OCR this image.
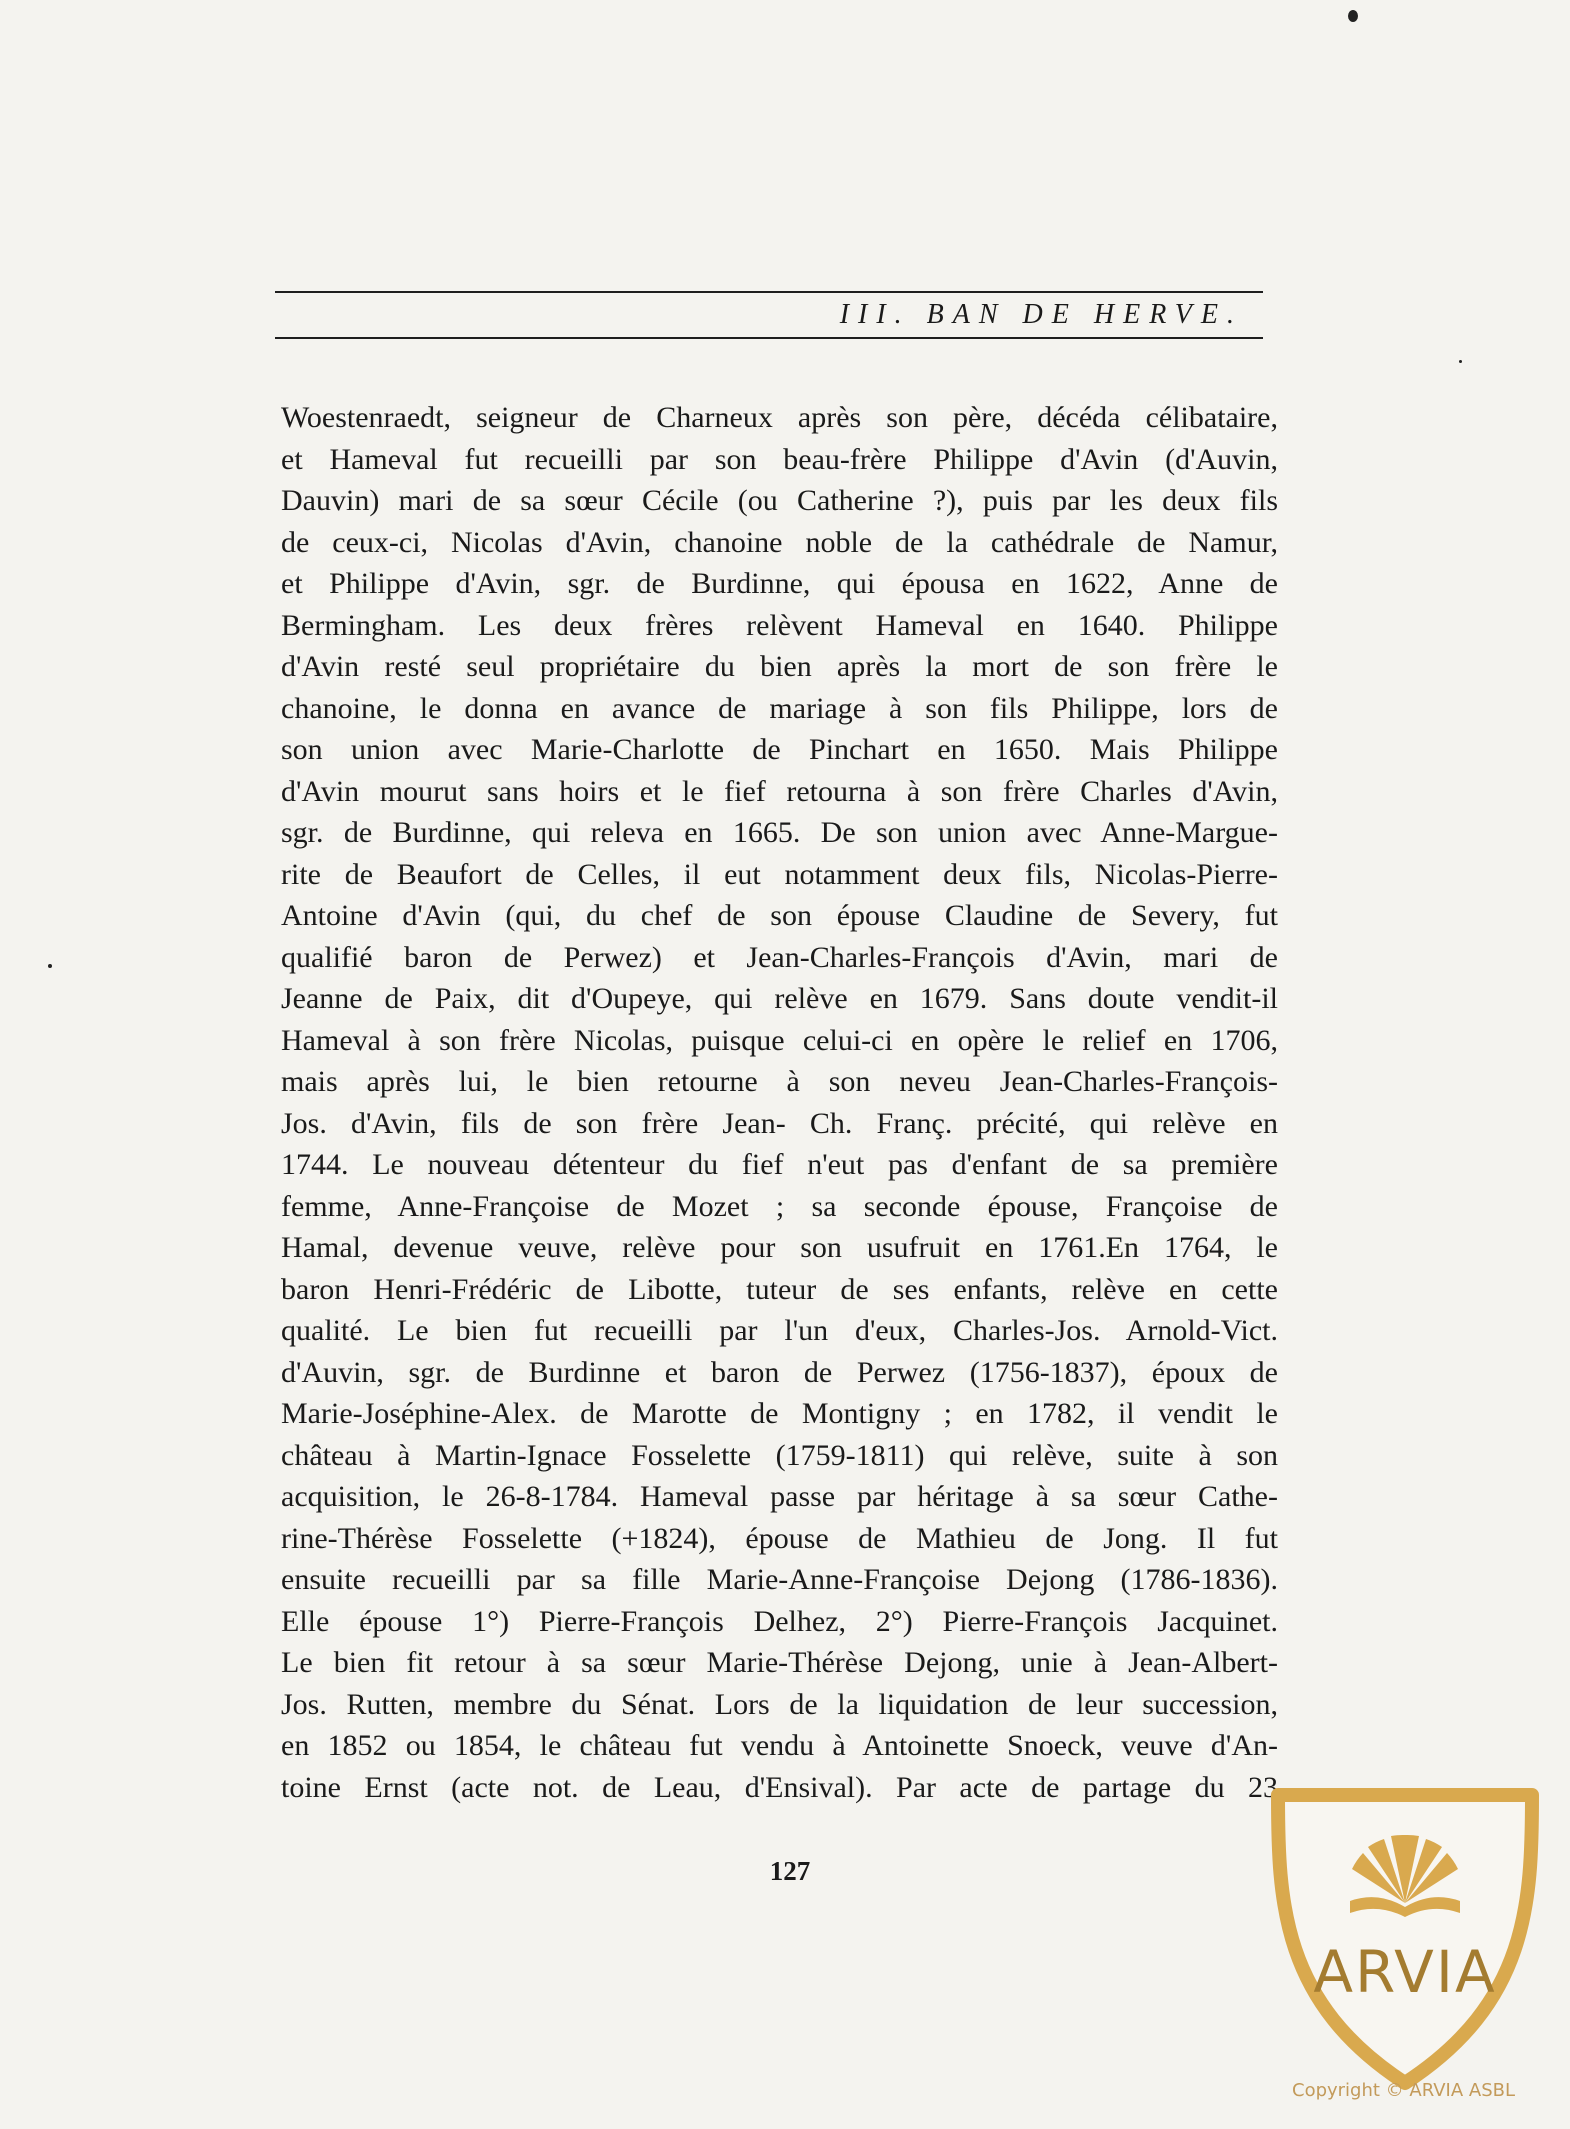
III. BAN DE HERVE.
Woestenraedt, seigneur de Charneux après son père, décéda célibataire,
et Hameval fut recueilli par son beau-frère Philippe d'Avin (d'Auvin,
Dauvin) mari de sa sœur Cécile (ou Catherine ?), puis par les deux fils
de ceux-ci, Nicolas d'Avin, chanoine noble de la cathédrale de Namur,
et Philippe d'Avin, sgr. de Burdinne, qui épousa en 1622, Anne de
Bermingham. Les deux frères relèvent Hameval en 1640. Philippe
d'Avin resté seul propriétaire du bien après la mort de son frère le
chanoine, le donna en avance de mariage à son fils Philippe, lors de
son union avec Marie-Charlotte de Pinchart en 1650. Mais Philippe
d'Avin mourut sans hoirs et le fief retourna à son frère Charles d'Avin,
sgr. de Burdinne, qui releva en 1665. De son union avec Anne-Margue-
rite de Beaufort de Celles, il eut notamment deux fils, Nicolas-Pierre-
Antoine d'Avin (qui, du chef de son épouse Claudine de Severy, fut
qualifié baron de Perwez) et Jean-Charles-François d'Avin, mari de
Jeanne de Paix, dit d'Oupeye, qui relève en 1679. Sans doute vendit-il
Hameval à son frère Nicolas, puisque celui-ci en opère le relief en 1706,
mais après lui, le bien retourne à son neveu Jean-Charles-François-
Jos. d'Avin, fils de son frère Jean- Ch. Franç. précité, qui relève en
1744. Le nouveau détenteur du fief n'eut pas d'enfant de sa première
femme, Anne-Françoise de Mozet ; sa seconde épouse, Françoise de
Hamal, devenue veuve, relève pour son usufruit en 1761.En 1764, le
baron Henri-Frédéric de Libotte, tuteur de ses enfants, relève en cette
qualité. Le bien fut recueilli par l'un d'eux, Charles-Jos. Arnold-Vict.
d'Auvin, sgr. de Burdinne et baron de Perwez (1756-1837), époux de
Marie-Joséphine-Alex. de Marotte de Montigny ; en 1782, il vendit le
château à Martin-Ignace Fosselette (1759-1811) qui relève, suite à son
acquisition, le 26-8-1784. Hameval passe par héritage à sa sœur Cathe-
rine-Thérèse Fosselette (+1824), épouse de Mathieu de Jong. Il fut
ensuite recueilli par sa fille Marie-Anne-Françoise Dejong (1786-1836).
Elle épouse 1°) Pierre-François Delhez, 2°) Pierre-François Jacquinet.
Le bien fit retour à sa sœur Marie-Thérèse Dejong, unie à Jean-Albert-
Jos. Rutten, membre du Sénat. Lors de la liquidation de leur succession,
en 1852 ou 1854, le château fut vendu à Antoinette Snoeck, veuve d'An-
toine Ernst (acte not. de Leau, d'Ensival). Par acte de partage du 23
127
ARVIA
Copyright © ARVIA ASBL
